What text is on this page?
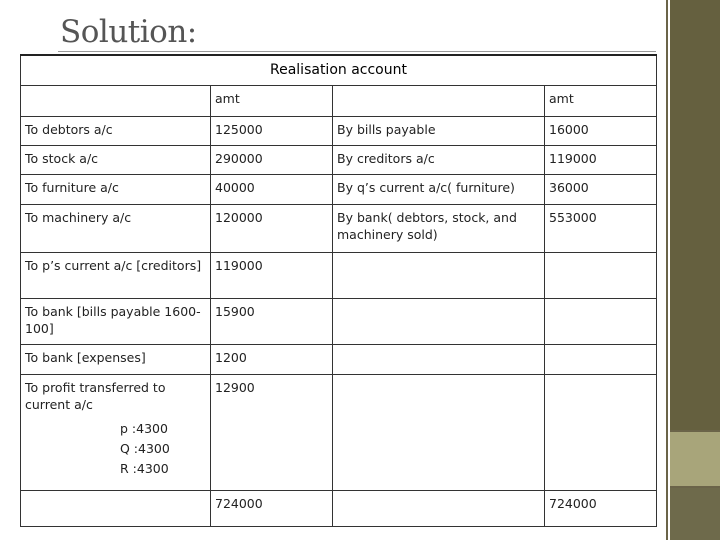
Solution:
Realisation account			
	amt		amt
To debtors a/c	125000	By bills payable	16000
To stock a/c	290000	By creditors a/c	119000
To furniture a/c	40000	By q’s current a/c( furniture)	36000
To machinery a/c	120000	By bank( debtors, stock, and machinery sold)	553000
To p’s current a/c [creditors]	119000		
To bank [bills payable 1600-100]	15900		
To bank [expenses]	1200		
To profit transferred to current a/c
p :4300
Q :4300
R :4300	12900		
	724000		724000
